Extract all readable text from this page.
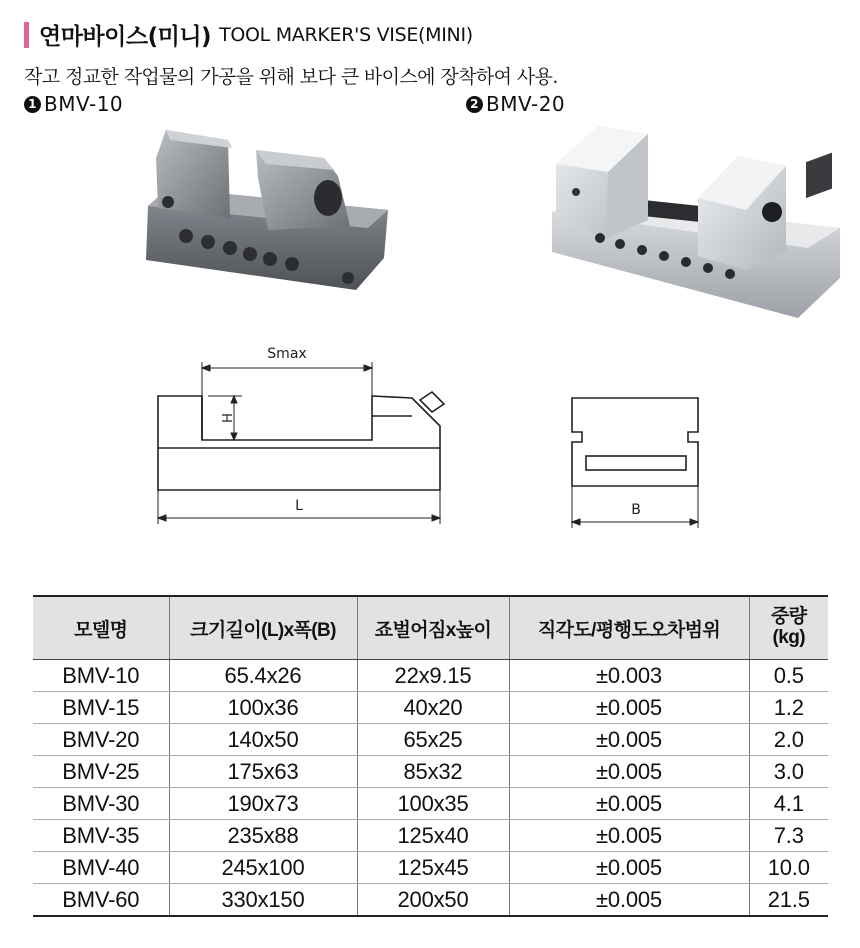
연마바이스(미니) TOOL MARKER'S VISE(MINI)
작고 정교한 작업물의 가공을 위해 보다 큰 바이스에 장착하여 사용.
1 BMV-10	2 BMV-20
Smax
H
L	B
모델명	크기길이(L)x폭(B)	죠벌어짐x높이	직각도/평행도오차범위	중량
(kg)

BMV-10	65.4x26	22x9.15	±0.003	0.5
BMV-15	100x36	40x20	±0.005	1.2
BMV-20	140x50	65x25	±0.005	2.0
BMV-25	175x63	85x32	±0.005	3.0
BMV-30	190x73	100x35	±0.005	4.1
BMV-35	235x88	125x40	±0.005	7.3
BMV-40	245x100	125x45	±0.005	10.0
BMV-60	330x150	200x50	±0.005	21.5
